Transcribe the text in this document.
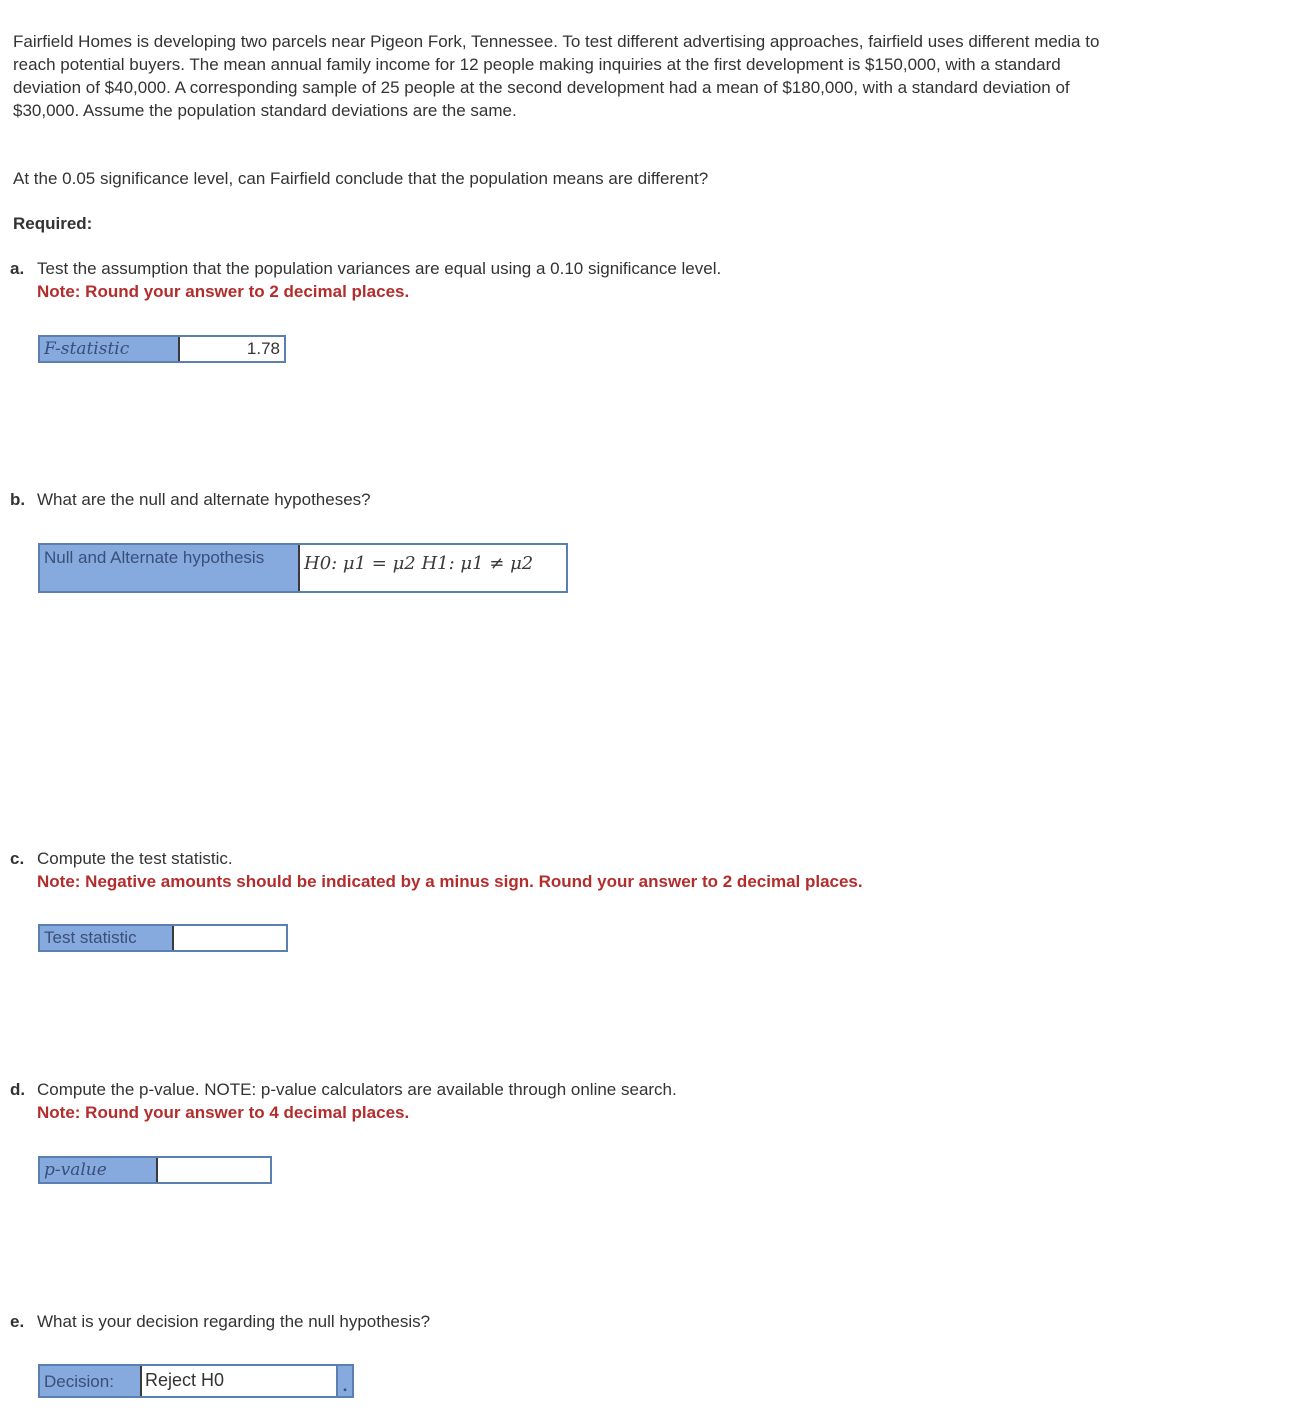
Fairfield Homes is developing two parcels near Pigeon Fork, Tennessee. To test different advertising approaches, fairfield uses different media to reach potential buyers. The mean annual family income for 12 people making inquiries at the first development is $150,000, with a standard deviation of $40,000. A corresponding sample of 25 people at the second development had a mean of $180,000, with a standard deviation of $30,000. Assume the population standard deviations are the same.

At the 0.05 significance level, can Fairfield conclude that the population means are different?

Required:

a. Test the assumption that the population variances are equal using a 0.10 significance level.
Note: Round your answer to 2 decimal places.
F-statistic	1.78
b. What are the null and alternate hypotheses?
Null and Alternate hypothesis	H0: μ1 = μ2 H1: μ1 ≠ μ2
c. Compute the test statistic.
Note: Negative amounts should be indicated by a minus sign. Round your answer to 2 decimal places.
Test statistic
d. Compute the p-value. NOTE: p-value calculators are available through online search.
Note: Round your answer to 4 decimal places.
p-value
e. What is your decision regarding the null hypothesis?
Decision:	Reject H0
▪
